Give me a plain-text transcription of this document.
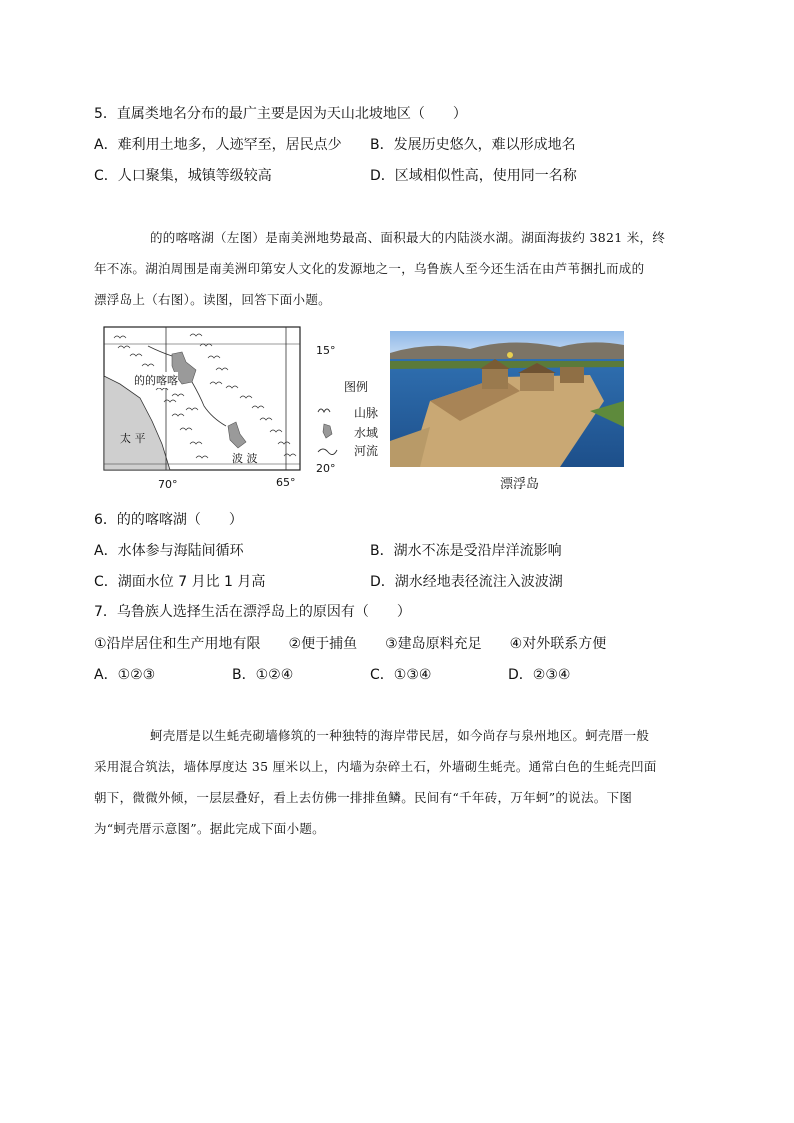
5．直属类地名分布的最广主要是因为天山北坡地区（　　）
A．难利用土地多，人迹罕至，居民点少 B．发展历史悠久，难以形成地名
C．人口聚集，城镇等级较高	D．区域相似性高，使用同一名称
的的喀喀湖（左图）是南美洲地势最高、面积最大的内陆淡水湖。湖面海拔约 3821 米，终
年不冻。湖泊周围是南美洲印第安人文化的发源地之一，乌鲁族人至今还生活在由芦苇捆扎而成的
漂浮岛上（右图）。读图，回答下面小题。
的的喀喀
太 平
波 波
15°
20°
70°	65°
图例
山脉
水域
河流
漂浮岛
6．的的喀喀湖（　　）
A．水体参与海陆间循环	B．湖水不冻是受沿岸洋流影响
C．湖面水位 7 月比 1 月高	D．湖水经地表径流注入波波湖
7．乌鲁族人选择生活在漂浮岛上的原因有（　　）
①沿岸居住和生产用地有限　　②便于捕鱼　　③建岛原料充足　　④对外联系方便
A．①②③	B．①②④	C．①③④	D．②③④
蚵壳厝是以生蚝壳砌墙修筑的一种独特的海岸带民居，如今尚存与泉州地区。蚵壳厝一般
采用混合筑法，墙体厚度达 35 厘米以上，内墙为杂碎土石，外墙砌生蚝壳。通常白色的生蚝壳凹面
朝下，微微外倾，一层层叠好，看上去仿佛一排排鱼鳞。民间有“千年砖，万年蚵”的说法。下图
为“蚵壳厝示意图”。据此完成下面小题。
